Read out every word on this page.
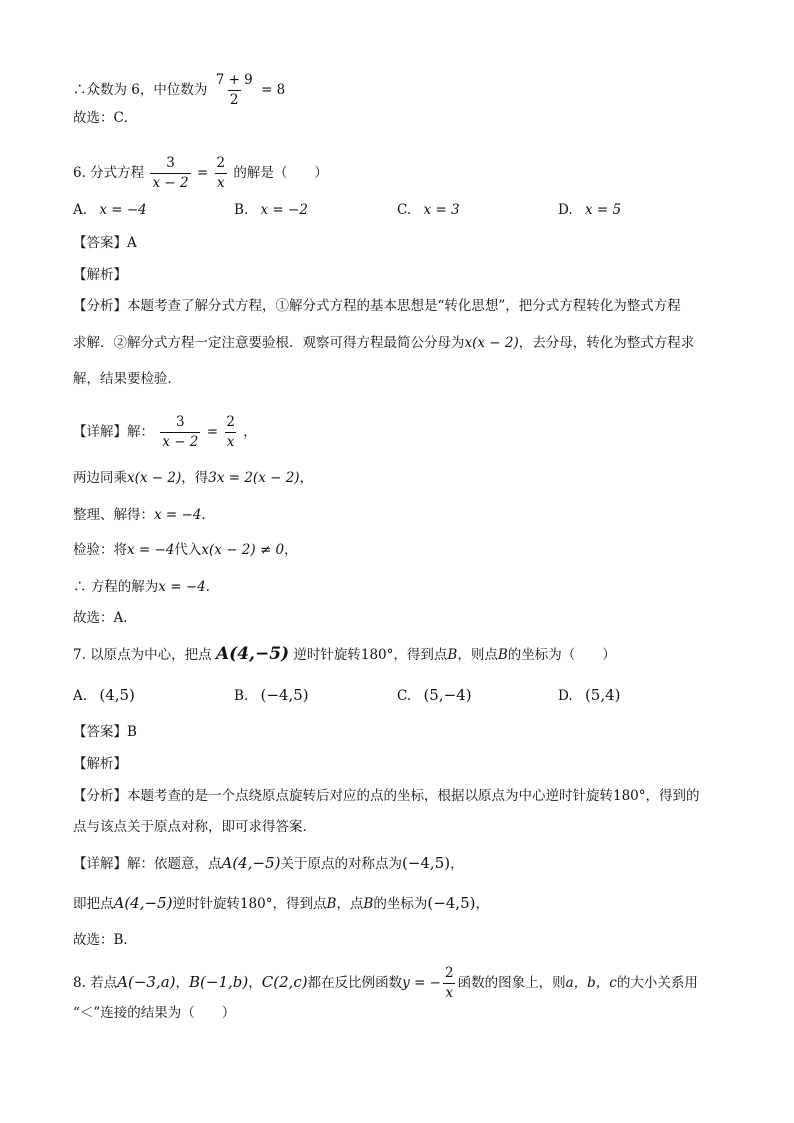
∴众数为 6，中位数为 $\frac{7 + 9}{2} = 8$
故选：C．
6. 分式方程 $\frac{3}{x - 2} = \frac{2}{x}$ 的解是（　　）
A. x = −4	B. x = −2	C. x = 3	D. x = 5
【答案】A
【解析】
【分析】本题考查了解分式方程，①解分式方程的基本思想是“转化思想”，把分式方程转化为整式方程
求解．②解分式方程一定注意要验根．观察可得方程最简公分母为x(x − 2)，去分母，转化为整式方程求
解，结果要检验．
【详解】解： $\frac{3}{x - 2} = \frac{2}{x}$ ，
两边同乘x(x − 2)，得3x = 2(x − 2)，
整理、解得：x = −4．
检验：将x = −4代入x(x − 2) ≠ 0，
∴ 方程的解为x = −4．
故选：A．
7. 以原点为中心，把点 A(4,−5) 逆时针旋转180°，得到点B，则点B的坐标为（　　）
A. (4,5)	B. (−4,5)	C. (5,−4)	D. (5,4)
【答案】B
【解析】
【分析】本题考查的是一个点绕原点旋转后对应的点的坐标，根据以原点为中心逆时针旋转180°，得到的
点与该点关于原点对称，即可求得答案．
【详解】解：依题意，点A(4,−5)关于原点的对称点为(−4,5)，
即把点A(4,−5)逆时针旋转180°，得到点B，点B的坐标为(−4,5)，
故选：B．
8. 若点A(−3,a)，B(−1,b)，C(2,c)都在反比例函数y = − $\frac{2}{x}$ 函数的图象上，则a，b，c的大小关系用
“＜”连接的结果为（　　）
